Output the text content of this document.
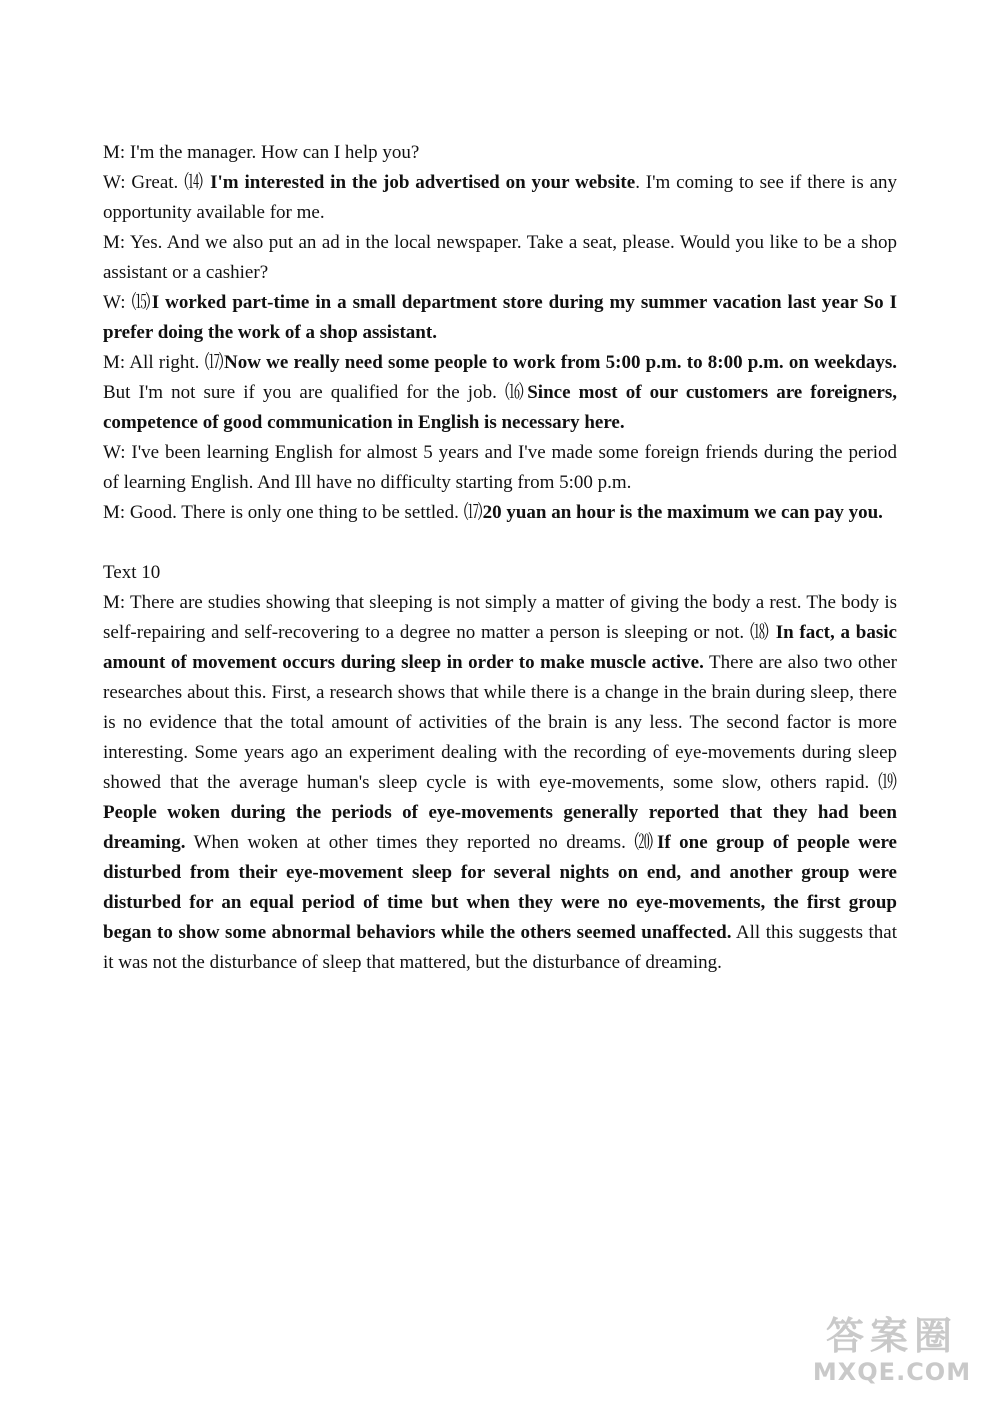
M: I'm the manager. How can I help you?

W: Great. ⒁ I'm interested in the job advertised on your website. I'm coming to see if there is any opportunity available for me.

M: Yes. And we also put an ad in the local newspaper. Take a seat, please. Would you like to be a shop assistant or a cashier?

W: ⒂I worked part-time in a small department store during my summer vacation last year So I prefer doing the work of a shop assistant.

M: All right. ⒄Now we really need some people to work from 5:00 p.m. to 8:00 p.m. on weekdays. But I'm not sure if you are qualified for the job. ⒃Since most of our customers are foreigners, competence of good communication in English is necessary here.

W: I've been learning English for almost 5 years and I've made some foreign friends during the period of learning English. And Ill have no difficulty starting from 5:00 p.m.

M: Good. There is only one thing to be settled. ⒄20 yuan an hour is the maximum we can pay you.

Text 10

M: There are studies showing that sleeping is not simply a matter of giving the body a rest. The body is self-repairing and self-recovering to a degree no matter a person is sleeping or not. ⒅ In fact, a basic amount of movement occurs during sleep in order to make muscle active. There are also two other researches about this. First, a research shows that while there is a change in the brain during sleep, there is no evidence that the total amount of activities of the brain is any less. The second factor is more interesting. Some years ago an experiment dealing with the recording of eye-movements during sleep showed that the average human's sleep cycle is with eye-movements, some slow, others rapid. ⒆ People woken during the periods of eye-movements generally reported that they had been dreaming. When woken at other times they reported no dreams. ⒇If one group of people were disturbed from their eye-movement sleep for several nights on end, and another group were disturbed for an equal period of time but when they were no eye-movements, the first group began to show some abnormal behaviors while the others seemed unaffected. All this suggests that it was not the disturbance of sleep that mattered, but the disturbance of dreaming.

答案圈
MXQE.COM
